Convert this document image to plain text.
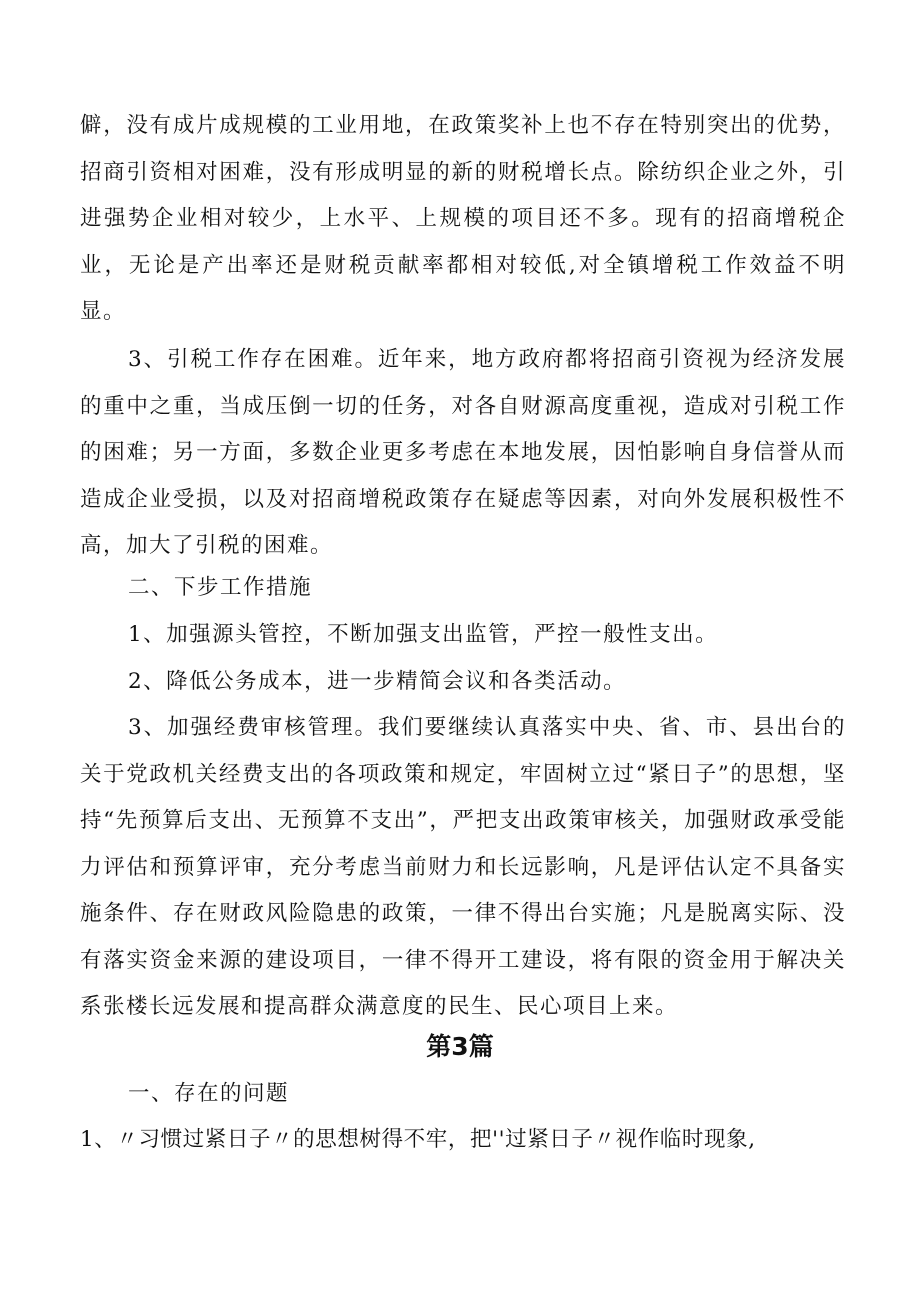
僻，没有成片成规模的工业用地，在政策奖补上也不存在特别突出的优势，招商引资相对困难，没有形成明显的新的财税增长点。除纺织企业之外，引进强势企业相对较少，上水平、上规模的项目还不多。现有的招商增税企业，无论是产出率还是财税贡献率都相对较低,对全镇增税工作效益不明显。

3、引税工作存在困难。近年来，地方政府都将招商引资视为经济发展的重中之重，当成压倒一切的任务，对各自财源高度重视，造成对引税工作的困难；另一方面，多数企业更多考虑在本地发展，因怕影响自身信誉从而造成企业受损，以及对招商增税政策存在疑虑等因素，对向外发展积极性不高，加大了引税的困难。

二、下步工作措施

1、加强源头管控，不断加强支出监管，严控一般性支出。

2、降低公务成本，进一步精简会议和各类活动。

3、加强经费审核管理。我们要继续认真落实中央、省、市、县出台的关于党政机关经费支出的各项政策和规定，牢固树立过“紧日子”的思想，坚持“先预算后支出、无预算不支出”，严把支出政策审核关，加强财政承受能力评估和预算评审，充分考虑当前财力和长远影响，凡是评估认定不具备实施条件、存在财政风险隐患的政策，一律不得出台实施；凡是脱离实际、没有落实资金来源的建设项目，一律不得开工建设，将有限的资金用于解决关系张楼长远发展和提高群众满意度的民生、民心项目上来。

第3篇

一、存在的问题

1、〃习惯过紧日子〃的思想树得不牢，把''过紧日子〃视作临时现象,
